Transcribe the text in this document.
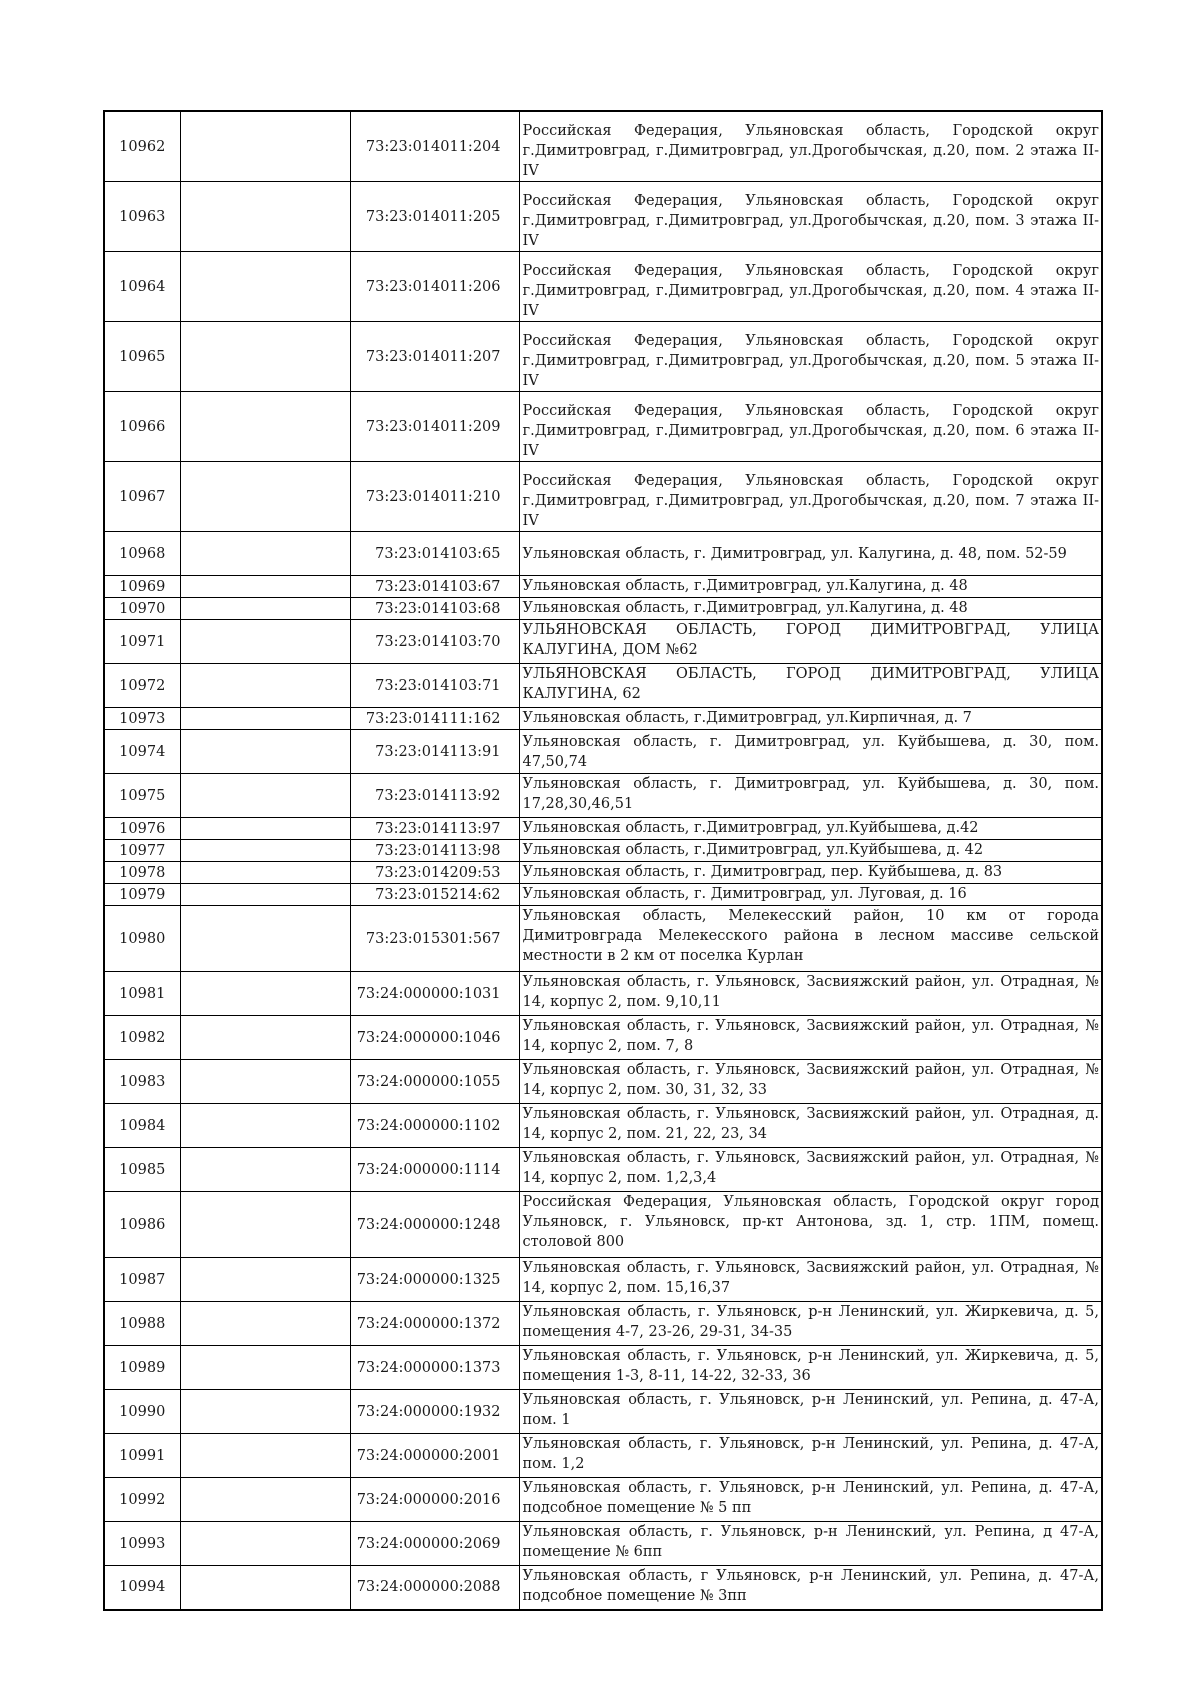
10962		73:23:014011:204	Российская Федерация, Ульяновская область, Городской округ г.Димитровград, г.Димитровград, ул.Дрогобычская, д.20, пом. 2 этажа II-IV
10963		73:23:014011:205	Российская Федерация, Ульяновская область, Городской округ г.Димитровград, г.Димитровград, ул.Дрогобычская, д.20, пом. 3 этажа II-IV
10964		73:23:014011:206	Российская Федерация, Ульяновская область, Городской округ г.Димитровград, г.Димитровград, ул.Дрогобычская, д.20, пом. 4 этажа II-IV
10965		73:23:014011:207	Российская Федерация, Ульяновская область, Городской округ г.Димитровград, г.Димитровград, ул.Дрогобычская, д.20, пом. 5 этажа II-IV
10966		73:23:014011:209	Российская Федерация, Ульяновская область, Городской округ г.Димитровград, г.Димитровград, ул.Дрогобычская, д.20, пом. 6 этажа II-IV
10967		73:23:014011:210	Российская Федерация, Ульяновская область, Городской округ г.Димитровград, г.Димитровград, ул.Дрогобычская, д.20, пом. 7 этажа II-IV
10968		73:23:014103:65	Ульяновская область, г. Димитровград, ул. Калугина, д. 48, пом. 52-59
10969		73:23:014103:67	Ульяновская область, г.Димитровград, ул.Калугина, д. 48
10970		73:23:014103:68	Ульяновская область, г.Димитровград, ул.Калугина, д. 48
10971		73:23:014103:70	УЛЬЯНОВСКАЯ ОБЛАСТЬ, ГОРОД ДИМИТРОВГРАД, УЛИЦА КАЛУГИНА, ДОМ №62
10972		73:23:014103:71	УЛЬЯНОВСКАЯ ОБЛАСТЬ, ГОРОД ДИМИТРОВГРАД, УЛИЦА КАЛУГИНА, 62
10973		73:23:014111:162	Ульяновская область, г.Димитровград, ул.Кирпичная, д. 7
10974		73:23:014113:91	Ульяновская область, г. Димитровград, ул. Куйбышева, д. 30, пом. 47,50,74
10975		73:23:014113:92	Ульяновская область, г. Димитровград, ул. Куйбышева, д. 30, пом. 17,28,30,46,51
10976		73:23:014113:97	Ульяновская область, г.Димитровград, ул.Куйбышева, д.42
10977		73:23:014113:98	Ульяновская область, г.Димитровград, ул.Куйбышева, д. 42
10978		73:23:014209:53	Ульяновская область, г. Димитровград, пер. Куйбышева, д. 83
10979		73:23:015214:62	Ульяновская область, г. Димитровград, ул. Луговая, д. 16
10980		73:23:015301:567	Ульяновская область, Мелекесский район, 10 км от города Димитровграда Мелекесского района в лесном массиве сельской местности в 2 км от поселка Курлан
10981		73:24:000000:1031	Ульяновская область, г. Ульяновск, Засвияжский район, ул. Отрадная, № 14, корпус 2, пом. 9,10,11
10982		73:24:000000:1046	Ульяновская область, г. Ульяновск, Засвияжский район, ул. Отрадная, № 14, корпус 2, пом. 7, 8
10983		73:24:000000:1055	Ульяновская область, г. Ульяновск, Засвияжский район, ул. Отрадная, № 14, корпус 2, пом. 30, 31, 32, 33
10984		73:24:000000:1102	Ульяновская область, г. Ульяновск, Засвияжский район, ул. Отрадная, д. 14, корпус 2, пом. 21, 22, 23, 34
10985		73:24:000000:1114	Ульяновская область, г. Ульяновск, Засвияжский район, ул. Отрадная, № 14, корпус 2, пом. 1,2,3,4
10986		73:24:000000:1248	Российская Федерация, Ульяновская область, Городской округ город Ульяновск, г. Ульяновск, пр-кт Антонова, зд. 1, стр. 1ПМ, помещ. столовой 800
10987		73:24:000000:1325	Ульяновская область, г. Ульяновск, Засвияжский район, ул. Отрадная, № 14, корпус 2, пом. 15,16,37
10988		73:24:000000:1372	Ульяновская область, г. Ульяновск, р-н Ленинский, ул. Жиркевича, д. 5, помещения 4-7, 23-26, 29-31, 34-35
10989		73:24:000000:1373	Ульяновская область, г. Ульяновск, р-н Ленинский, ул. Жиркевича, д. 5, помещения 1-3, 8-11, 14-22, 32-33, 36
10990		73:24:000000:1932	Ульяновская область, г. Ульяновск, р-н Ленинский, ул. Репина, д. 47-А, пом. 1
10991		73:24:000000:2001	Ульяновская область, г. Ульяновск, р-н Ленинский, ул. Репина, д. 47-А, пом. 1,2
10992		73:24:000000:2016	Ульяновская область, г. Ульяновск, р-н Ленинский, ул. Репина, д. 47-А, подсобное помещение № 5 пп
10993		73:24:000000:2069	Ульяновская область, г. Ульяновск, р-н Ленинский, ул. Репина, д 47-А, помещение № 6пп
10994		73:24:000000:2088	Ульяновская область, г Ульяновск, р-н Ленинский, ул. Репина, д. 47-А, подсобное помещение № 3пп
